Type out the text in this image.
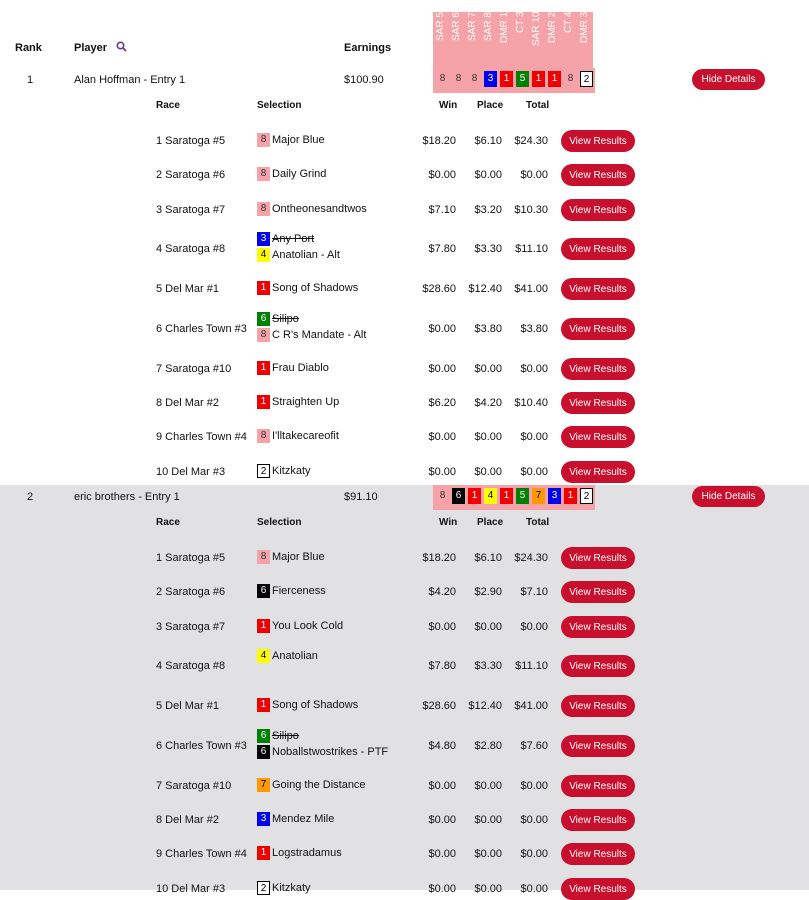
Rank	Player	Earnings
SAR 5 SAR 6 SAR 7 SAR 8 DMR 1 CT 3 SAR 10 DMR 2 CT 4 DMR 3
1	Alan Hoffman - Entry 1	$100.90	8	8	8	3	1	5	1	1	8	2	Hide Details
Race	Selection	Win Place Total
1 Saratoga #5	8 Major Blue	$18.20	$6.10	$24.30	View Results
2 Saratoga #6	8 Daily Grind	$0.00	$0.00	$0.00	View Results
3 Saratoga #7	8 Ontheonesandtwos	$7.10	$3.20	$10.30	View Results
4 Saratoga #8
3 Any Port
4 Anatolian - Alt	$7.80	$3.30	$11.10	View Results
5 Del Mar #1	1 Song of Shadows	$28.60	$12.40	$41.00	View Results
6 Charles Town #3
6 Silipo
8 C R's Mandate - Alt	$0.00	$3.80	$3.80	View Results
7 Saratoga #10	1 Frau Diablo	$0.00	$0.00	$0.00	View Results
8 Del Mar #2	1 Straighten Up	$6.20	$4.20	$10.40	View Results
9 Charles Town #4	8 I'lltakecareofit	$0.00	$0.00	$0.00	View Results
10 Del Mar #3	2 Kitzkaty	$0.00	$0.00	$0.00	View Results
2	eric brothers - Entry 1	$91.10	8	6	1	4	1	5	7	3	1	2	Hide Details
Race	Selection	Win Place Total
1 Saratoga #5	8 Major Blue	$18.20	$6.10	$24.30	View Results
2 Saratoga #6	6 Fierceness	$4.20	$2.90	$7.10	View Results
3 Saratoga #7	1 You Look Cold	$0.00	$0.00	$0.00	View Results
4 Saratoga #8
4 Anatolian
$7.80	$3.30	$11.10	View Results
5 Del Mar #1	1 Song of Shadows	$28.60	$12.40	$41.00	View Results
6 Charles Town #3
6 Silipo
6 Noballstwostrikes - PTF	$4.80	$2.80	$7.60	View Results
7 Saratoga #10	7 Going the Distance	$0.00	$0.00	$0.00	View Results
8 Del Mar #2	3 Mendez Mile	$0.00	$0.00	$0.00	View Results
9 Charles Town #4	1 Logstradamus	$0.00	$0.00	$0.00	View Results
10 Del Mar #3	2 Kitzkaty	$0.00	$0.00	$0.00	View Results
